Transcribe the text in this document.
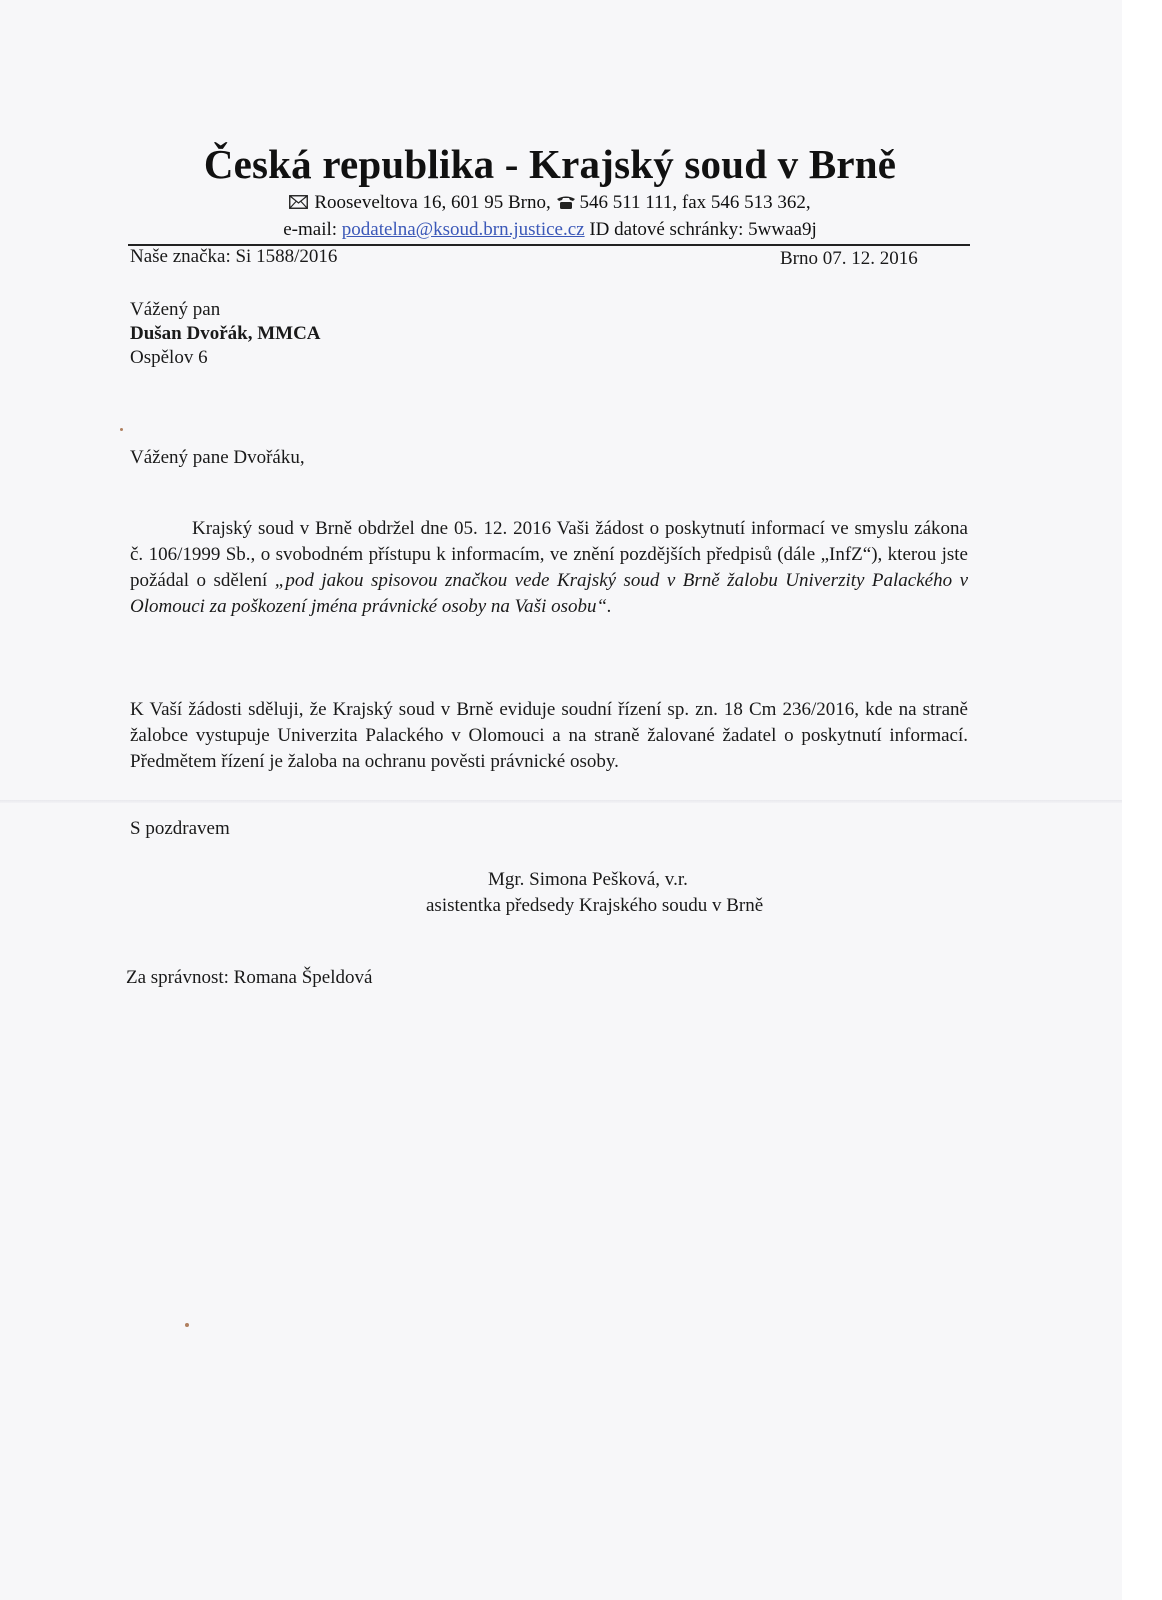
Česká republika - Krajský soud v Brně
Rooseveltova 16, 601 95 Brno, 546 511 111, fax 546 513 362,
e-mail: podatelna@ksoud.brn.justice.cz ID datové schránky: 5wwaa9j
Naše značka: Si 1588/2016	Brno 07. 12. 2016
Vážený pan
Dušan Dvořák, MMCA
Ospělov 6
Vážený pane Dvořáku,
Krajský soud v Brně obdržel dne 05. 12. 2016 Vaši žádost o poskytnutí informací ve smyslu zákona č. 106/1999 Sb., o svobodném přístupu k informacím, ve znění pozdějších předpisů (dále „InfZ“), kterou jste požádal o sdělení „pod jakou spisovou značkou vede Krajský soud v Brně žalobu Univerzity Palackého v Olomouci za poškození jména právnické osoby na Vaši osobu“.
K Vaší žádosti sděluji, že Krajský soud v Brně eviduje soudní řízení sp. zn. 18 Cm 236/2016, kde na straně žalobce vystupuje Univerzita Palackého v Olomouci a na straně žalované žadatel o poskytnutí informací. Předmětem řízení je žaloba na ochranu pověsti právnické osoby.
S pozdravem
Mgr. Simona Pešková, v.r.
asistentka předsedy Krajského soudu v Brně
Za správnost: Romana Špeldová
